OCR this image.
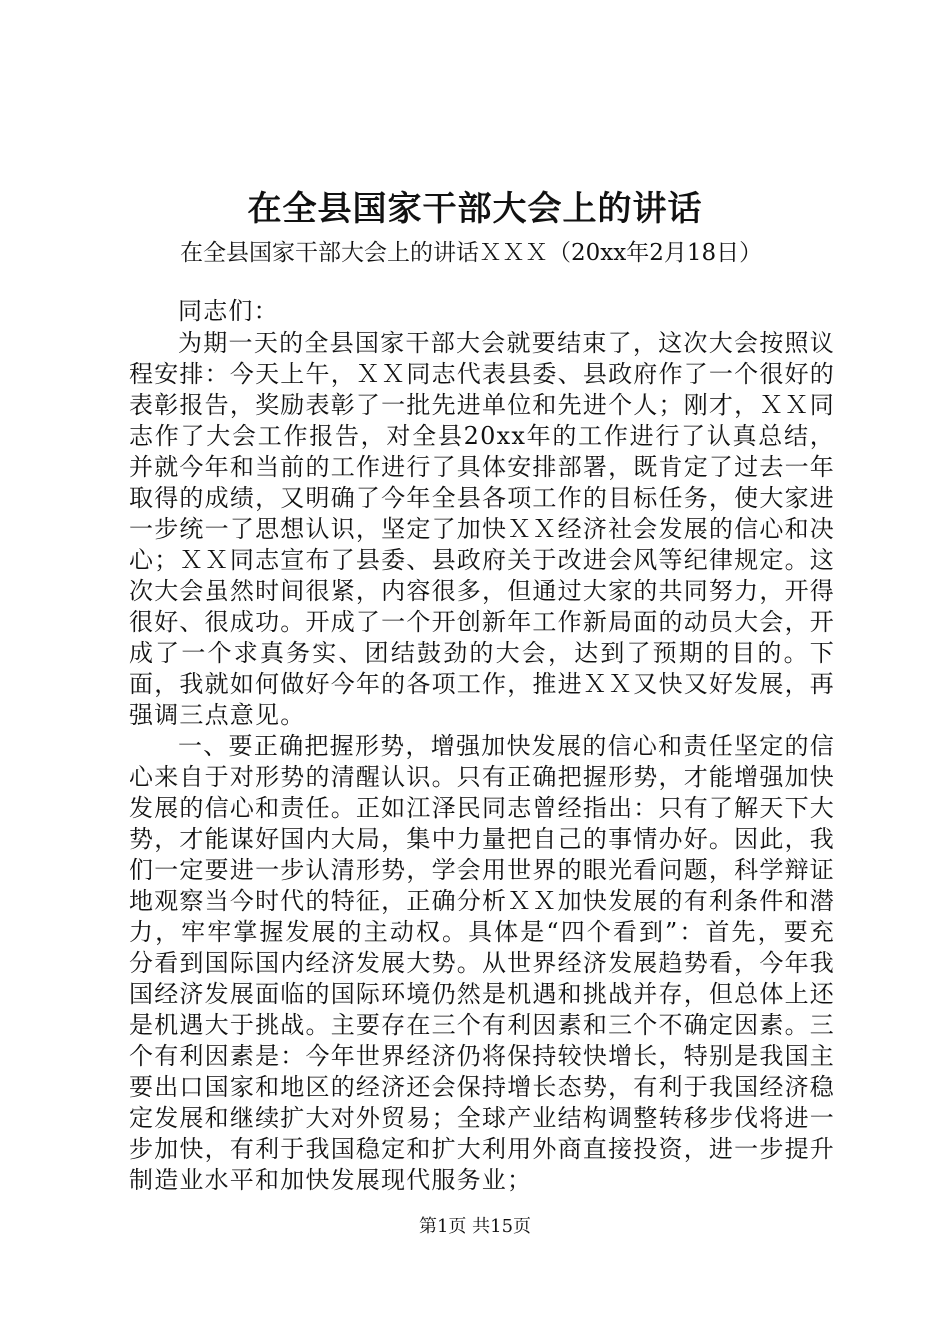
在全县国家干部大会上的讲话
在全县国家干部大会上的讲话ＸＸＸ（20xx年2月18日）

同志们：

为期一天的全县国家干部大会就要结束了，这次大会按照议程安排：今天上午，ＸＸ同志代表县委、县政府作了一个很好的表彰报告，奖励表彰了一批先进单位和先进个人；刚才，ＸＸ同志作了大会工作报告，对全县20xx年的工作进行了认真总结，并就今年和当前的工作进行了具体安排部署，既肯定了过去一年取得的成绩，又明确了今年全县各项工作的目标任务，使大家进一步统一了思想认识，坚定了加快ＸＸ经济社会发展的信心和决心；ＸＸ同志宣布了县委、县政府关于改进会风等纪律规定。这次大会虽然时间很紧，内容很多，但通过大家的共同努力，开得很好、很成功。开成了一个开创新年工作新局面的动员大会，开成了一个求真务实、团结鼓劲的大会，达到了预期的目的。下面，我就如何做好今年的各项工作，推进ＸＸ又快又好发展，再强调三点意见。

一、要正确把握形势，增强加快发展的信心和责任坚定的信心来自于对形势的清醒认识。只有正确把握形势，才能增强加快发展的信心和责任。正如江泽民同志曾经指出：只有了解天下大势，才能谋好国内大局，集中力量把自己的事情办好。因此，我们一定要进一步认清形势，学会用世界的眼光看问题，科学辩证地观察当今时代的特征，正确分析ＸＸ加快发展的有利条件和潜力，牢牢掌握发展的主动权。具体是“四个看到”：首先，要充分看到国际国内经济发展大势。从世界经济发展趋势看，今年我国经济发展面临的国际环境仍然是机遇和挑战并存，但总体上还是机遇大于挑战。主要存在三个有利因素和三个不确定因素。三个有利因素是：今年世界经济仍将保持较快增长，特别是我国主要出口国家和地区的经济还会保持增长态势，有利于我国经济稳定发展和继续扩大对外贸易；全球产业结构调整转移步伐将进一步加快，有利于我国稳定和扩大利用外商直接投资，进一步提升制造业水平和加快发展现代服务业；

第1页 共15页
